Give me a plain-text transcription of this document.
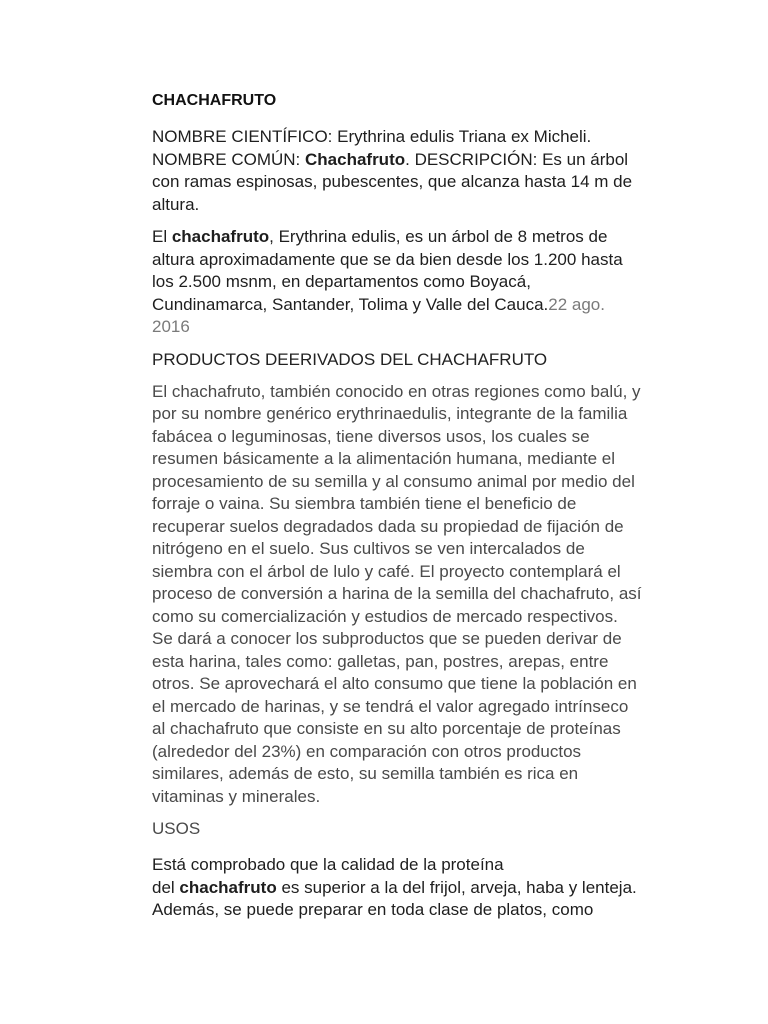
CHACHAFRUTO

NOMBRE CIENTÍFICO: Erythrina edulis Triana ex Micheli. NOMBRE COMÚN: Chachafruto. DESCRIPCIÓN: Es un árbol con ramas espinosas, pubescentes, que alcanza hasta 14 m de altura.

El chachafruto, Erythrina edulis, es un árbol de 8 metros de altura aproximadamente que se da bien desde los 1.200 hasta los 2.500 msnm, en departamentos como Boyacá, Cundinamarca, Santander, Tolima y Valle del Cauca.22 ago. 2016

PRODUCTOS DEERIVADOS DEL CHACHAFRUTO

El chachafruto, también conocido en otras regiones como balú, y por su nombre genérico erythrinaedulis, integrante de la familia fabácea o leguminosas, tiene diversos usos, los cuales se resumen básicamente a la alimentación humana, mediante el procesamiento de su semilla y al consumo animal por medio del forraje o vaina. Su siembra también tiene el beneficio de recuperar suelos degradados dada su propiedad de fijación de nitrógeno en el suelo. Sus cultivos se ven intercalados de siembra con el árbol de lulo y café. El proyecto contemplará el proceso de conversión a harina de la semilla del chachafruto, así como su comercialización y estudios de mercado respectivos. Se dará a conocer los subproductos que se pueden derivar de esta harina, tales como: galletas, pan, postres, arepas, entre otros. Se aprovechará el alto consumo que tiene la población en el mercado de harinas, y se tendrá el valor agregado intrínseco al chachafruto que consiste en su alto porcentaje de proteínas (alrededor del 23%) en comparación con otros productos similares, además de esto, su semilla también es rica en vitaminas y minerales.

USOS

Está comprobado que la calidad de la proteína
del chachafruto es superior a la del frijol, arveja, haba y lenteja. Además, se puede preparar en toda clase de platos, como
